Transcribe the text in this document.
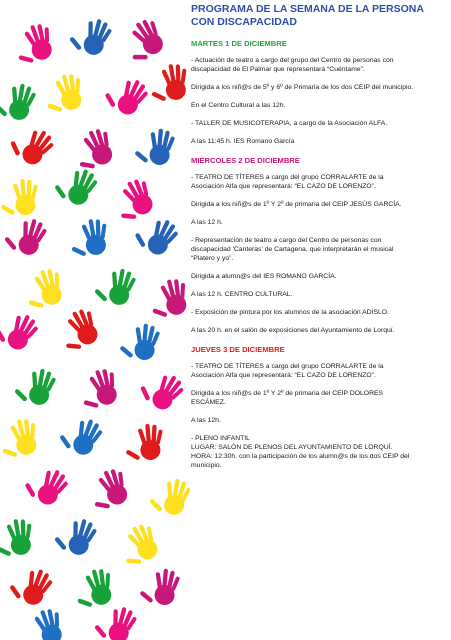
PROGRAMA DE LA SEMANA DE LA PERSONA CON DISCAPACIDAD
MARTES 1 DE DICIEMBRE
- Actuación de teatro a cargo del grupo del Centro de personas con
discapacidad de El Palmar que representará “Cuéntame”.
Dirigida a los niñ@s de 5º y 6º de Primaria de los dos CEIP del municipio.
En el Centro Cultural a las 12h.
- TALLER DE MUSICOTERAPIA, a cargo de la Asociación ALFA.
A las 11:45 h. IES Romano García
MIÉRCOLES 2 DE DICIEMBRE
- TEATRO DE TÍTERES a cargo del grupo CORRALARTE de la
Asociación Alfa que representará: “EL CAZO DE LORENZO”.
Dirigida a los niñ@s de 1º Y 2º de primaria del CEIP JESÚS GARCÍA.
A las 12 h.
- Representación de teatro a cargo del Centro de personas con
discapacidad 'Canteras' de Cartagena, que interpretarán el musical
“Platero y yo”.
Dirigida a alumn@s del IES ROMANO GARCÍA.
A las 12 h. CENTRO CULTURAL.
- Exposición de pintura por los alumnos de la asociación ADISLO.
A las 20 h. en el salón de exposiciones del Ayuntamiento de Lorquí.
JUEVES 3 DE DICIEMBRE
- TEATRO DE TÍTERES a cargo del grupo CORRALARTE de la
Asociación Alfa que representará: “EL CAZO DE LORENZO”.
Dirigida a los niñ@s de 1º Y 2º de primaria del CEIP DOLORES
ESCÁMEZ.
A las 12h.
- PLENO INFANTIL
LUGAR: SALÓN DE PLENOS DEL AYUNTAMIENTO DE LORQUÍ.
HORA: 12:30h. con la participación de los alumn@s de los dos CEIP del
municipio.
